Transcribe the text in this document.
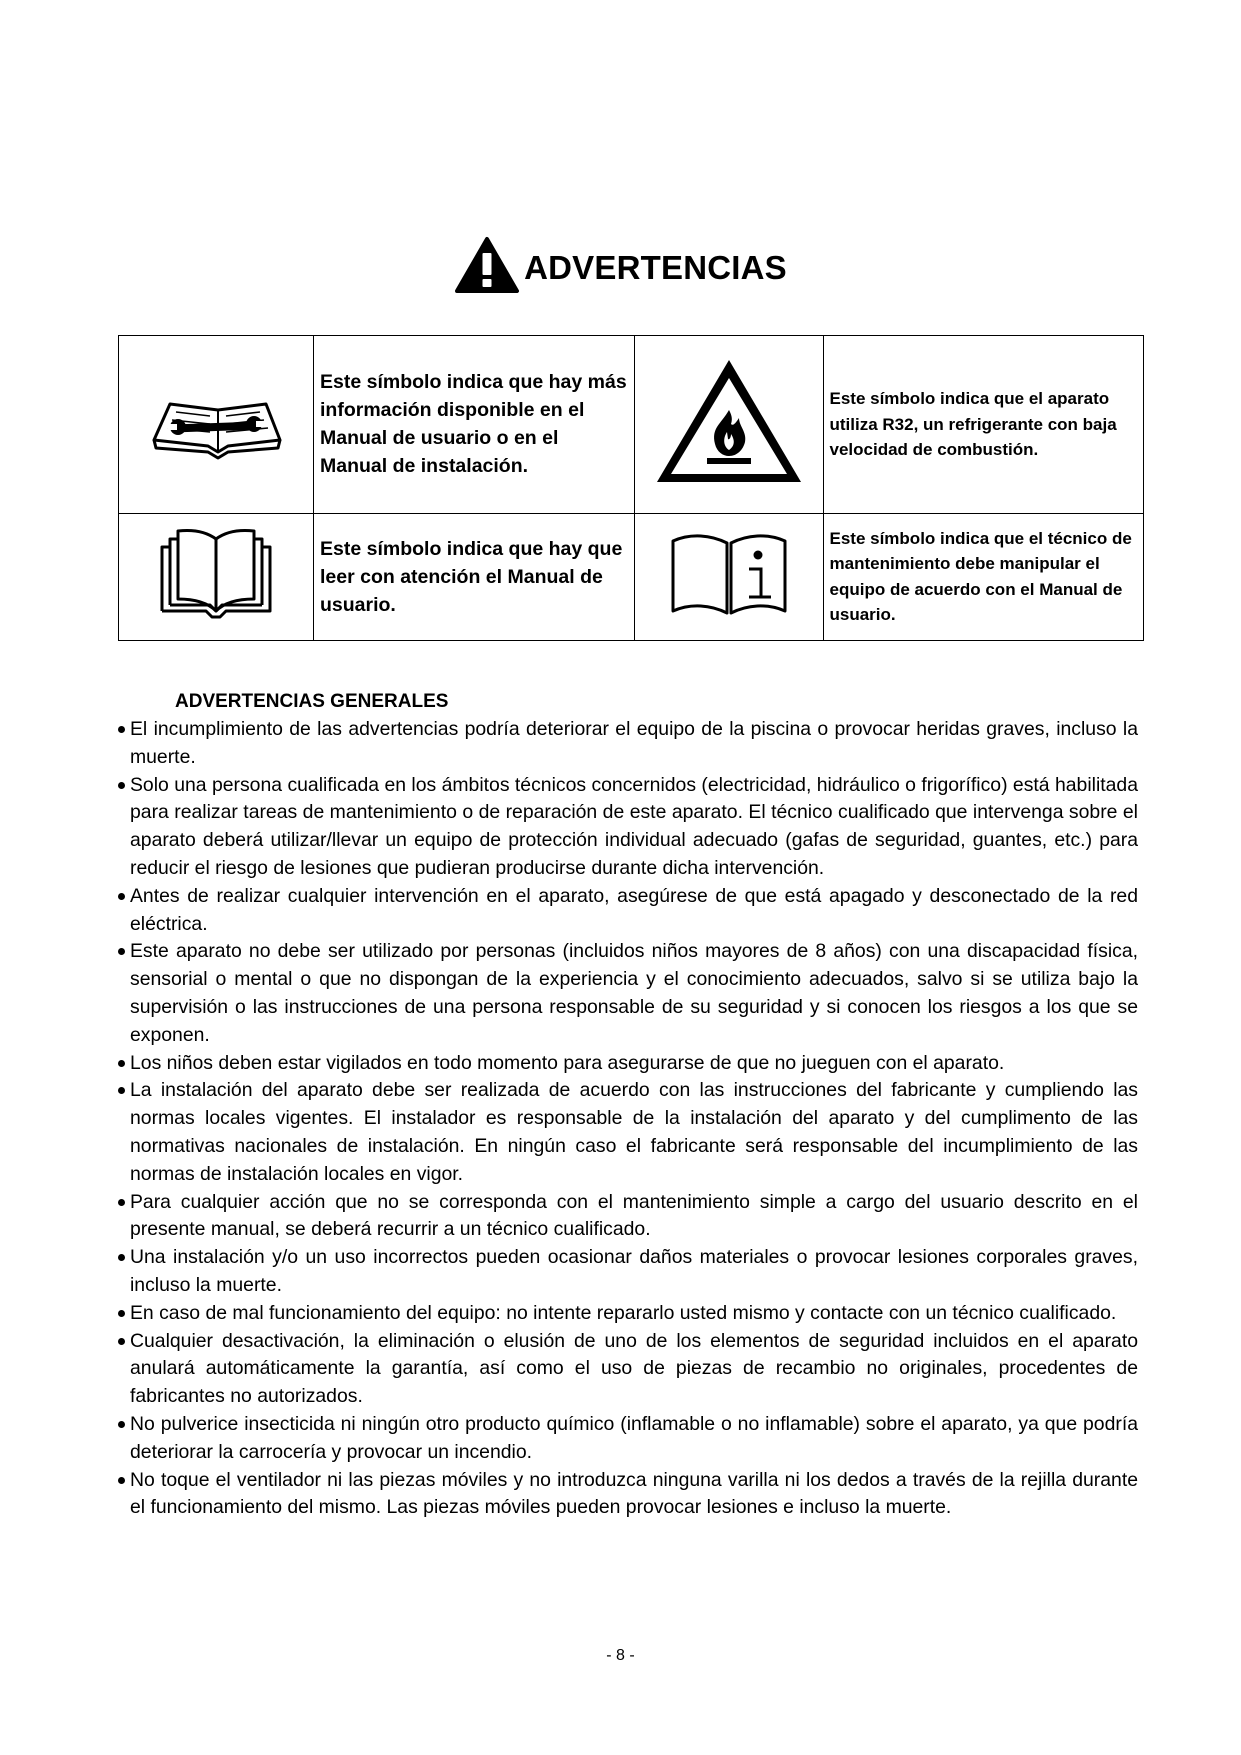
ADVERTENCIAS
	Este símbolo indica que hay más información disponible en el Manual de usuario o en el Manual de instalación.		Este símbolo indica que el aparato utiliza R32, un refrigerante con baja velocidad de combustión.
	Este símbolo indica que hay que leer con atención el Manual de usuario.		Este símbolo indica que el técnico de mantenimiento debe manipular el equipo de acuerdo con el Manual de usuario.
ADVERTENCIAS GENERALES
El incumplimiento de las advertencias podría deteriorar el equipo de la piscina o provocar heridas graves, incluso la muerte.
Solo una persona cualificada en los ámbitos técnicos concernidos (electricidad, hidráulico o frigorífico) está habilitada para realizar tareas de mantenimiento o de reparación de este aparato. El técnico cualificado que intervenga sobre el aparato deberá utilizar/llevar un equipo de protección individual adecuado (gafas de seguridad, guantes, etc.) para reducir el riesgo de lesiones que pudieran producirse durante dicha intervención.
Antes de realizar cualquier intervención en el aparato, asegúrese de que está apagado y desconectado de la red eléctrica.
Este aparato no debe ser utilizado por personas (incluidos niños mayores de 8 años) con una discapacidad física, sensorial o mental o que no dispongan de la experiencia y el conocimiento adecuados, salvo si se utiliza bajo la supervisión o las instrucciones de una persona responsable de su seguridad y si conocen los riesgos a los que se exponen.
Los niños deben estar vigilados en todo momento para asegurarse de que no jueguen con el aparato.
La instalación del aparato debe ser realizada de acuerdo con las instrucciones del fabricante y cumpliendo las normas locales vigentes. El instalador es responsable de la instalación del aparato y del cumplimento de las normativas nacionales de instalación. En ningún caso el fabricante será responsable del incumplimiento de las normas de instalación locales en vigor.
Para cualquier acción que no se corresponda con el mantenimiento simple a cargo del usuario descrito en el presente manual, se deberá recurrir a un técnico cualificado.
Una instalación y/o un uso incorrectos pueden ocasionar daños materiales o provocar lesiones corporales graves, incluso la muerte.
En caso de mal funcionamiento del equipo: no intente repararlo usted mismo y contacte con un técnico cualificado.
Cualquier desactivación, la eliminación o elusión de uno de los elementos de seguridad incluidos en el aparato anulará automáticamente la garantía, así como el uso de piezas de recambio no originales, procedentes de fabricantes no autorizados.
No pulverice insecticida ni ningún otro producto químico (inflamable o no inflamable) sobre el aparato, ya que podría deteriorar la carrocería y provocar un incendio.
No toque el ventilador ni las piezas móviles y no introduzca ninguna varilla ni los dedos a través de la rejilla durante el funcionamiento del mismo. Las piezas móviles pueden provocar lesiones e incluso la muerte.
- 8 -
